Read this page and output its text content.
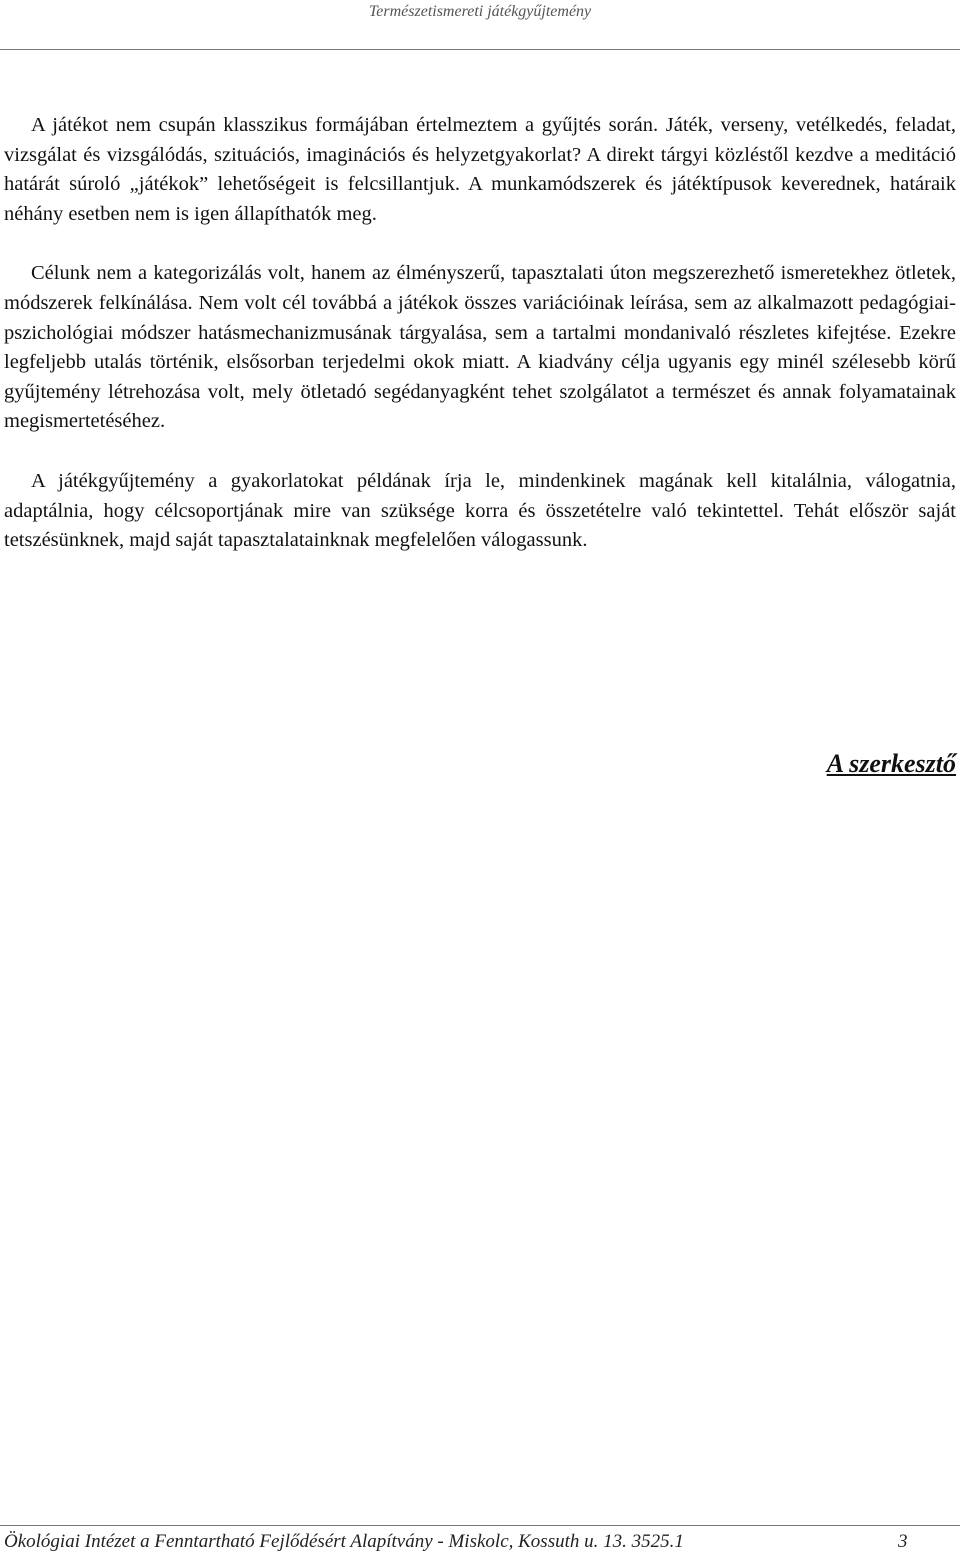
Természetismereti játékgyűjtemény

A játékot nem csupán klasszikus formájában értelmeztem a gyűjtés során. Játék, verseny, vetélkedés, feladat, vizsgálat és vizsgálódás, szituációs, imaginációs és helyzetgyakorlat? A direkt tárgyi közléstől kezdve a meditáció határát súroló „játékok” lehetőségeit is felcsillantjuk. A munkamódszerek és játéktípusok keverednek, határaik néhány esetben nem is igen állapíthatók meg.

Célunk nem a kategorizálás volt, hanem az élményszerű, tapasztalati úton megszerezhető ismeretekhez ötletek, módszerek felkínálása. Nem volt cél továbbá a játékok összes variációinak leírása, sem az alkalmazott pedagógiai-pszichológiai módszer hatásmechanizmusának tárgyalása, sem a tartalmi mondanivaló részletes kifejtése. Ezekre legfeljebb utalás történik, elsősorban terjedelmi okok miatt. A kiadvány célja ugyanis egy minél szélesebb körű gyűjtemény létrehozása volt, mely ötletadó segédanyagként tehet szolgálatot a természet és annak folyamatainak megismertetéséhez.

A játékgyűjtemény a gyakorlatokat példának írja le, mindenkinek magának kell kitalálnia, válogatnia, adaptálnia, hogy célcsoportjának mire van szüksége korra és összetételre való tekintettel. Tehát először saját tetszésünknek, majd saját tapasztalatainknak megfelelően válogassunk.

A szerkesztő
Ökológiai Intézet a Fenntartható Fejlődésért Alapítvány - Miskolc, Kossuth u. 13. 3525.1	3
